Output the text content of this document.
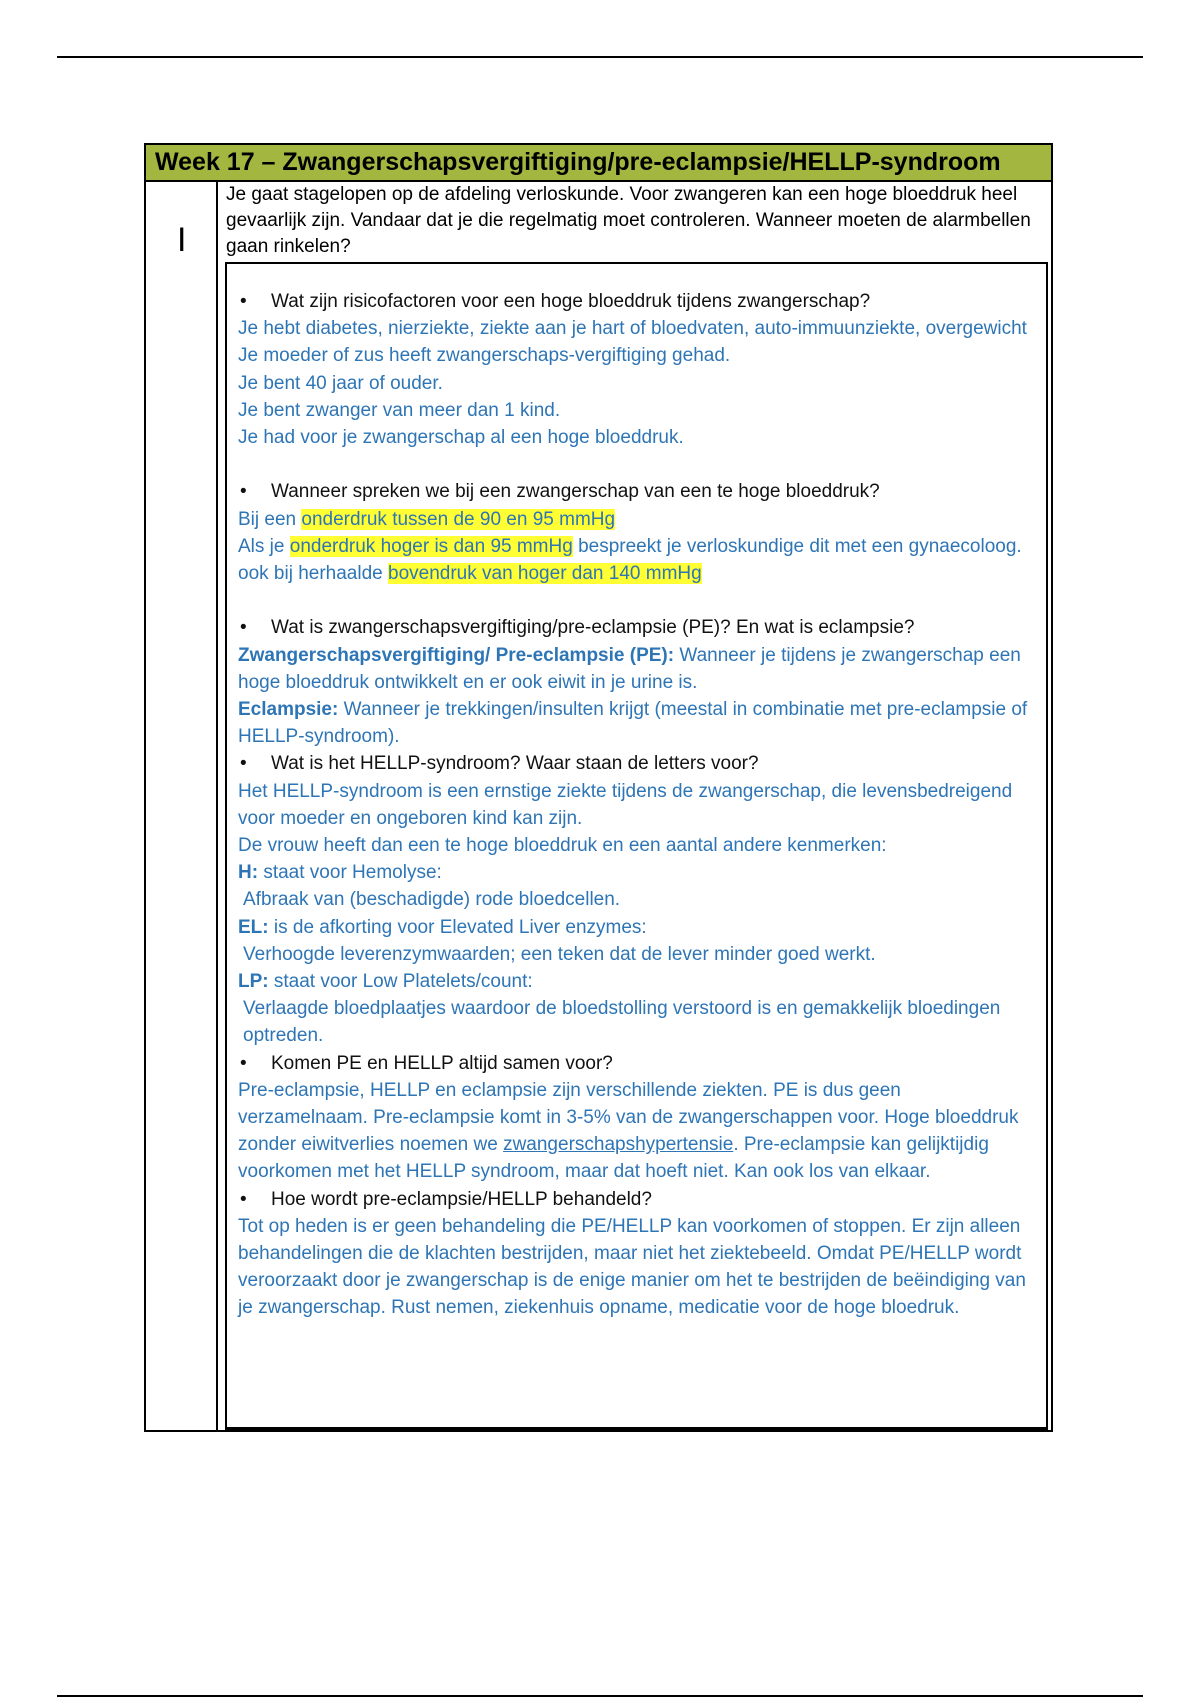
Week 17 – Zwangerschapsvergiftiging/pre-eclampsie/HELLP-syndroom
I
Je gaat stagelopen op de afdeling verloskunde. Voor zwangeren kan een hoge bloeddruk heel gevaarlijk zijn. Vandaar dat je die regelmatig moet controleren. Wanneer moeten de alarmbellen gaan rinkelen?
• Wat zijn risicofactoren voor een hoge bloeddruk tijdens zwangerschap?
Je hebt diabetes, nierziekte, ziekte aan je hart of bloedvaten, auto-immuunziekte, overgewicht
Je moeder of zus heeft zwangerschaps-vergiftiging gehad.
Je bent 40 jaar of ouder.
Je bent zwanger van meer dan 1 kind.
Je had voor je zwangerschap al een hoge bloeddruk.
• Wanneer spreken we bij een zwangerschap van een te hoge bloeddruk?
Bij een onderdruk tussen de 90 en 95 mmHg
Als je onderdruk hoger is dan 95 mmHg bespreekt je verloskundige dit met een gynaecoloog.
ook bij herhaalde bovendruk van hoger dan 140 mmHg
• Wat is zwangerschapsvergiftiging/pre-eclampsie (PE)? En wat is eclampsie?
Zwangerschapsvergiftiging/ Pre-eclampsie (PE): Wanneer je tijdens je zwangerschap een hoge bloeddruk ontwikkelt en er ook eiwit in je urine is.
Eclampsie: Wanneer je trekkingen/insulten krijgt (meestal in combinatie met pre-eclampsie of HELLP-syndroom).
• Wat is het HELLP-syndroom? Waar staan de letters voor?
Het HELLP-syndroom is een ernstige ziekte tijdens de zwangerschap, die levensbedreigend voor moeder en ongeboren kind kan zijn.
De vrouw heeft dan een te hoge bloeddruk en een aantal andere kenmerken:
H: staat voor Hemolyse:
Afbraak van (beschadigde) rode bloedcellen.
EL: is de afkorting voor Elevated Liver enzymes:
Verhoogde leverenzymwaarden; een teken dat de lever minder goed werkt.
LP: staat voor Low Platelets/count:
Verlaagde bloedplaatjes waardoor de bloedstolling verstoord is en gemakkelijk bloedingen optreden.
• Komen PE en HELLP altijd samen voor?
Pre-eclampsie, HELLP en eclampsie zijn verschillende ziekten. PE is dus geen verzamelnaam. Pre-eclampsie komt in 3-5% van de zwangerschappen voor. Hoge bloeddruk zonder eiwitverlies noemen we zwangerschapshypertensie. Pre-eclampsie kan gelijktijdig voorkomen met het HELLP syndroom, maar dat hoeft niet. Kan ook los van elkaar.
• Hoe wordt pre-eclampsie/HELLP behandeld?
Tot op heden is er geen behandeling die PE/HELLP kan voorkomen of stoppen. Er zijn alleen behandelingen die de klachten bestrijden, maar niet het ziektebeeld. Omdat PE/HELLP wordt veroorzaakt door je zwangerschap is de enige manier om het te bestrijden de beëindiging van je zwangerschap. Rust nemen, ziekenhuis opname, medicatie voor de hoge bloedruk.
